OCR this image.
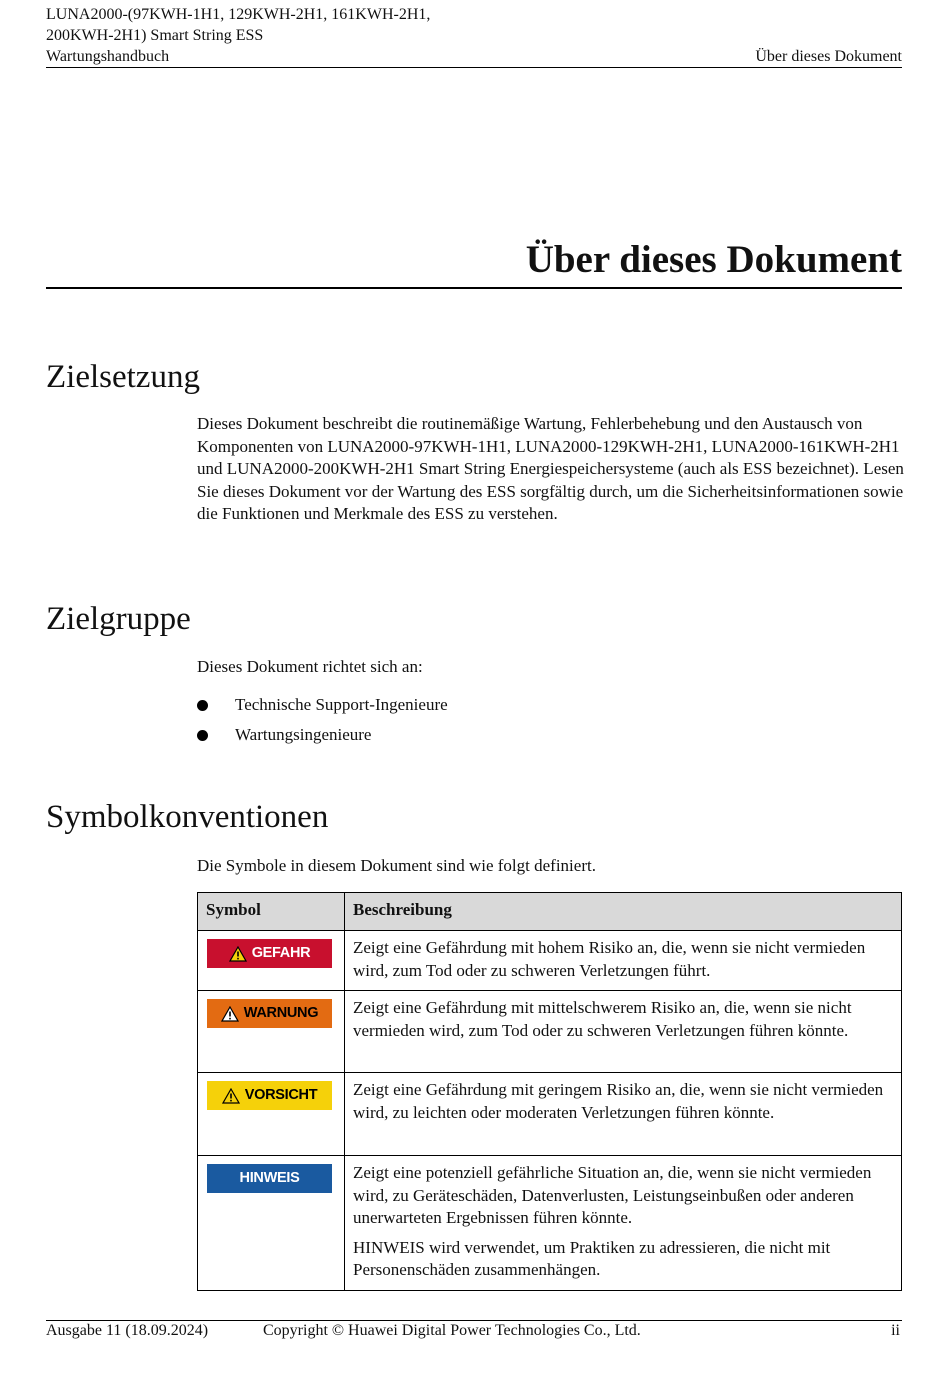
LUNA2000-(97KWH-1H1, 129KWH-2H1, 161KWH-2H1,
200KWH-2H1) Smart String ESS
Wartungshandbuch	Über dieses Dokument
Über dieses Dokument
Zielsetzung

Dieses Dokument beschreibt die routinemäßige Wartung, Fehlerbehebung und den Austausch von Komponenten von LUNA2000-97KWH-1H1, LUNA2000-129KWH-2H1, LUNA2000-161KWH-2H1 und LUNA2000-200KWH-2H1 Smart String Energiespeichersysteme (auch als ESS bezeichnet). Lesen Sie dieses Dokument vor der Wartung des ESS sorgfältig durch, um die Sicherheitsinformationen sowie die Funktionen und Merkmale des ESS zu verstehen.

Zielgruppe

Dieses Dokument richtet sich an:

Technische Support-Ingenieure
Wartungsingenieure
Symbolkonventionen

Die Symbole in diesem Dokument sind wie folgt definiert.

Symbol	Beschreibung

GEFAHR	Zeigt eine Gefährdung mit hohem Risiko an, die, wenn sie nicht vermieden wird, zum Tod oder zu schweren Verletzungen führt.

WARNUNG	Zeigt eine Gefährdung mit mittelschwerem Risiko an, die, wenn sie nicht vermieden wird, zum Tod oder zu schweren Verletzungen führen könnte.

VORSICHT	Zeigt eine Gefährdung mit geringem Risiko an, die, wenn sie nicht vermieden wird, zu leichten oder moderaten Verletzungen führen könnte.

HINWEIS	Zeigt eine potenziell gefährliche Situation an, die, wenn sie nicht vermieden wird, zu Geräteschäden, Datenverlusten, Leistungseinbußen oder anderen unerwarteten Ergebnissen führen könnte.

HINWEIS wird verwendet, um Praktiken zu adressieren, die nicht mit Personenschäden zusammenhängen.

Ausgabe 11 (18.09.2024)	Copyright © Huawei Digital Power Technologies Co., Ltd.	ii
